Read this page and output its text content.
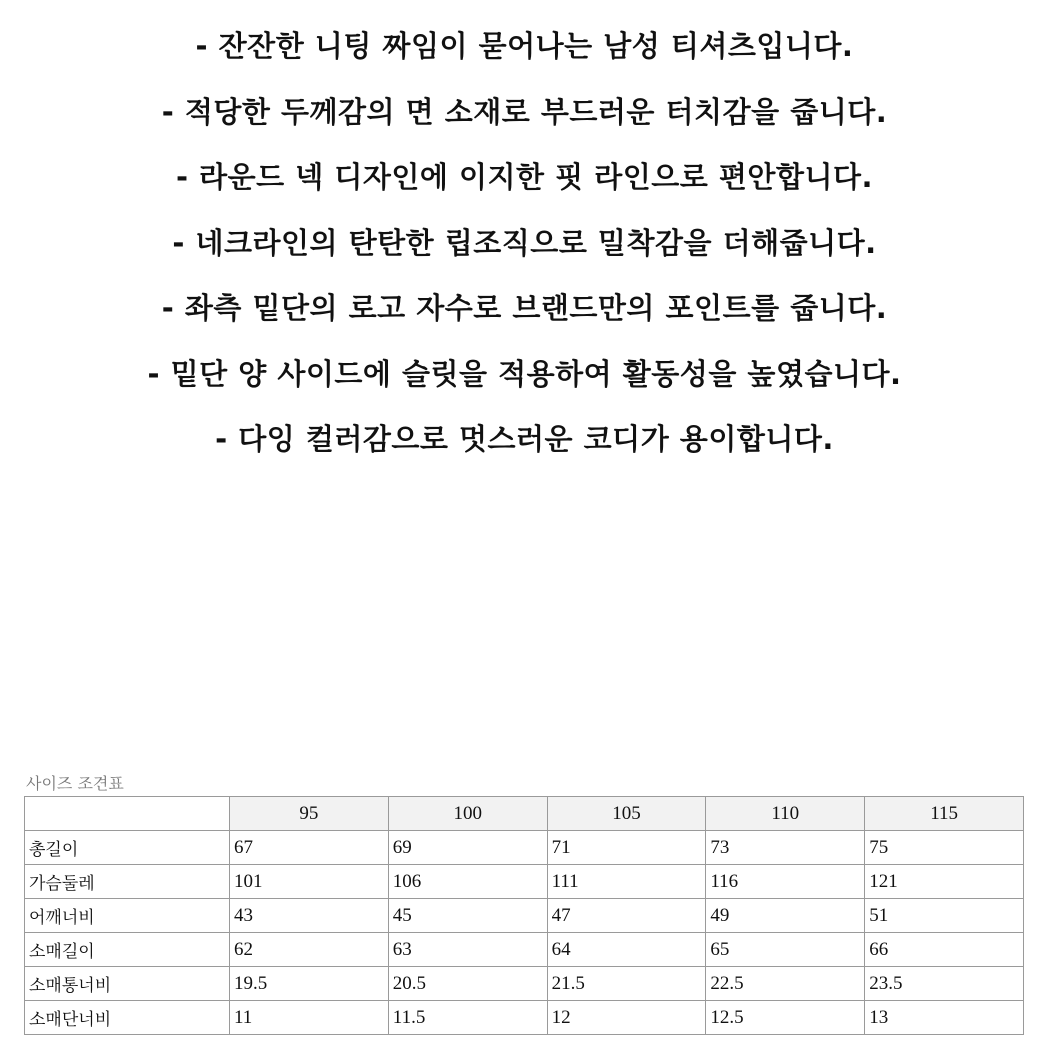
- 잔잔한 니팅 짜임이 묻어나는 남성 티셔츠입니다.
- 적당한 두께감의 면 소재로 부드러운 터치감을 줍니다.
- 라운드 넥 디자인에 이지한 핏 라인으로 편안합니다.
- 네크라인의 탄탄한 립조직으로 밀착감을 더해줍니다.
- 좌측 밑단의 로고 자수로 브랜드만의 포인트를 줍니다.
- 밑단 양 사이드에 슬릿을 적용하여 활동성을 높였습니다.
- 다잉 컬러감으로 멋스러운 코디가 용이합니다.
사이즈 조견표
	95	100	105	110	115
총길이	67	69	71	73	75
가슴둘레	101	106	111	116	121
어깨너비	43	45	47	49	51
소매길이	62	63	64	65	66
소매통너비	19.5	20.5	21.5	22.5	23.5
소매단너비	11	11.5	12	12.5	13
